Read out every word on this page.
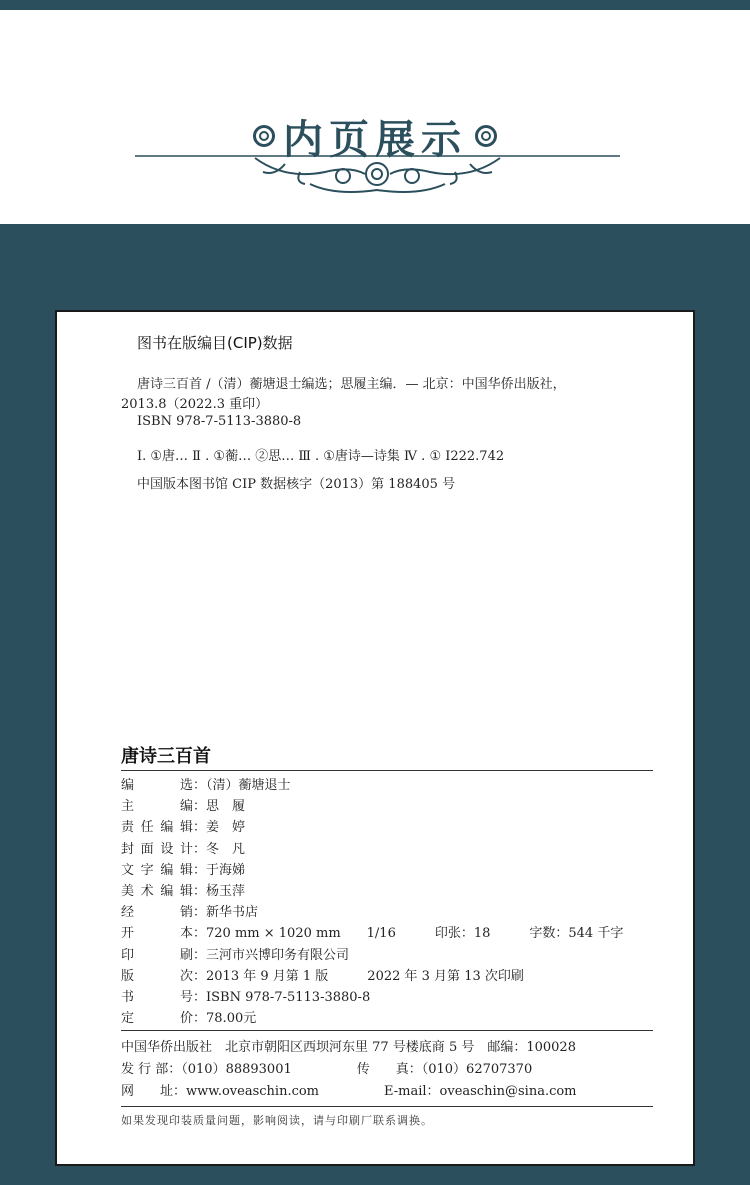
内页展示
图书在版编目(CIP)数据
唐诗三百首 /（清）蘅塘退士编选；思履主编．— 北京：中国华侨出版社，
2013.8（2022.3 重印）
ISBN 978-7-5113-3880-8
I. ①唐… Ⅱ . ①蘅… ②思… Ⅲ . ①唐诗—诗集 Ⅳ . ① I222.742
中国版本图书馆 CIP 数据核字（2013）第 188405 号
唐诗三百首
编　　选：（清）蘅塘退士
主　　编：思　履
责任编辑：姜　婷
封面设计：冬　凡
文字编辑：于海娣
美术编辑：杨玉萍
经　　销：新华书店
开　　本：720 mm × 1020 mm　　1/16　　　印张：18　　　字数：544 千字
印　　刷：三河市兴博印务有限公司
版　　次：2013 年 9 月第 1 版　　　2022 年 3 月第 13 次印刷
书　　号：ISBN 978-7-5113-3880-8
定　　价：78.00元
中国华侨出版社　北京市朝阳区西坝河东里 77 号楼底商 5 号　邮编：100028
发 行 部：（010）88893001　　　　　传　　真：（010）62707370
网　　址：www.oveaschin.com　　　　　E-mail：oveaschin@sina.com
如果发现印装质量问题，影响阅读，请与印刷厂联系调换。
